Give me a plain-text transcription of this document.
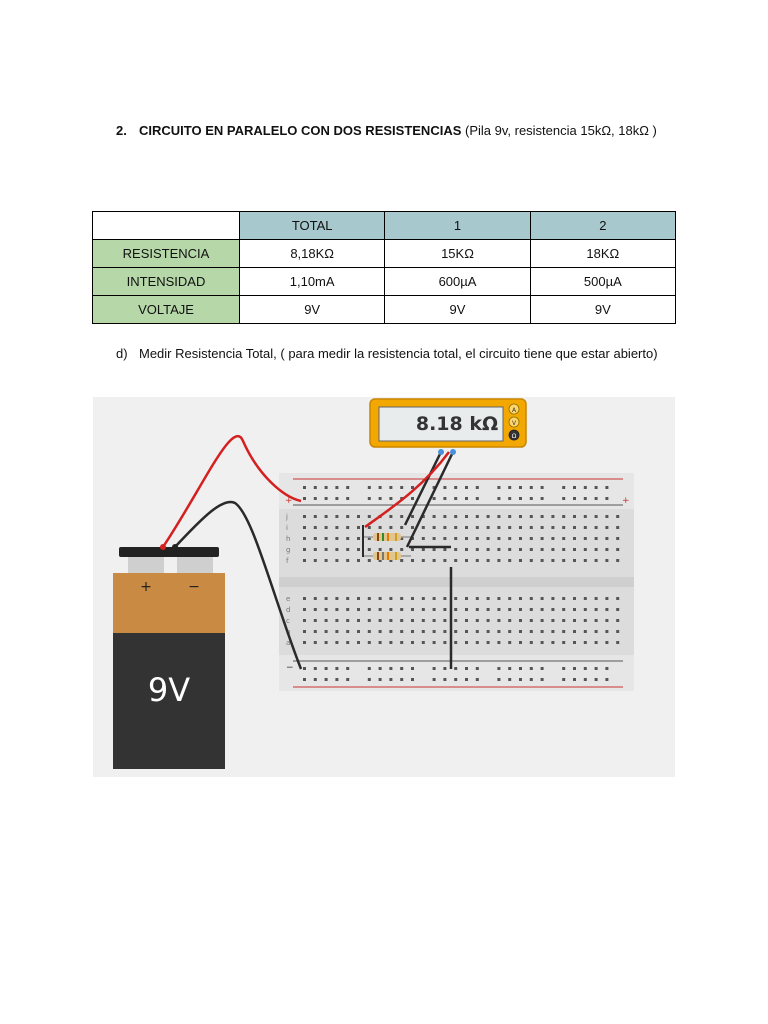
2. CIRCUITO EN PARALELO CON DOS RESISTENCIAS (Pila 9v, resistencia 15kΩ, 18kΩ )
	TOTAL	1	2
RESISTENCIA	8,18KΩ	15KΩ	18KΩ
INTENSIDAD	1,10mA	600µA	500µA
VOLTAJE	9V	9V	9V
d) Medir Resistencia Total, ( para medir la resistencia total, el circuito tiene que estar abierto)
+	+
−
j
i
h
g
f
e
d
c
b
a
8.18 kΩ
A
V
Ω
+	−
9V
